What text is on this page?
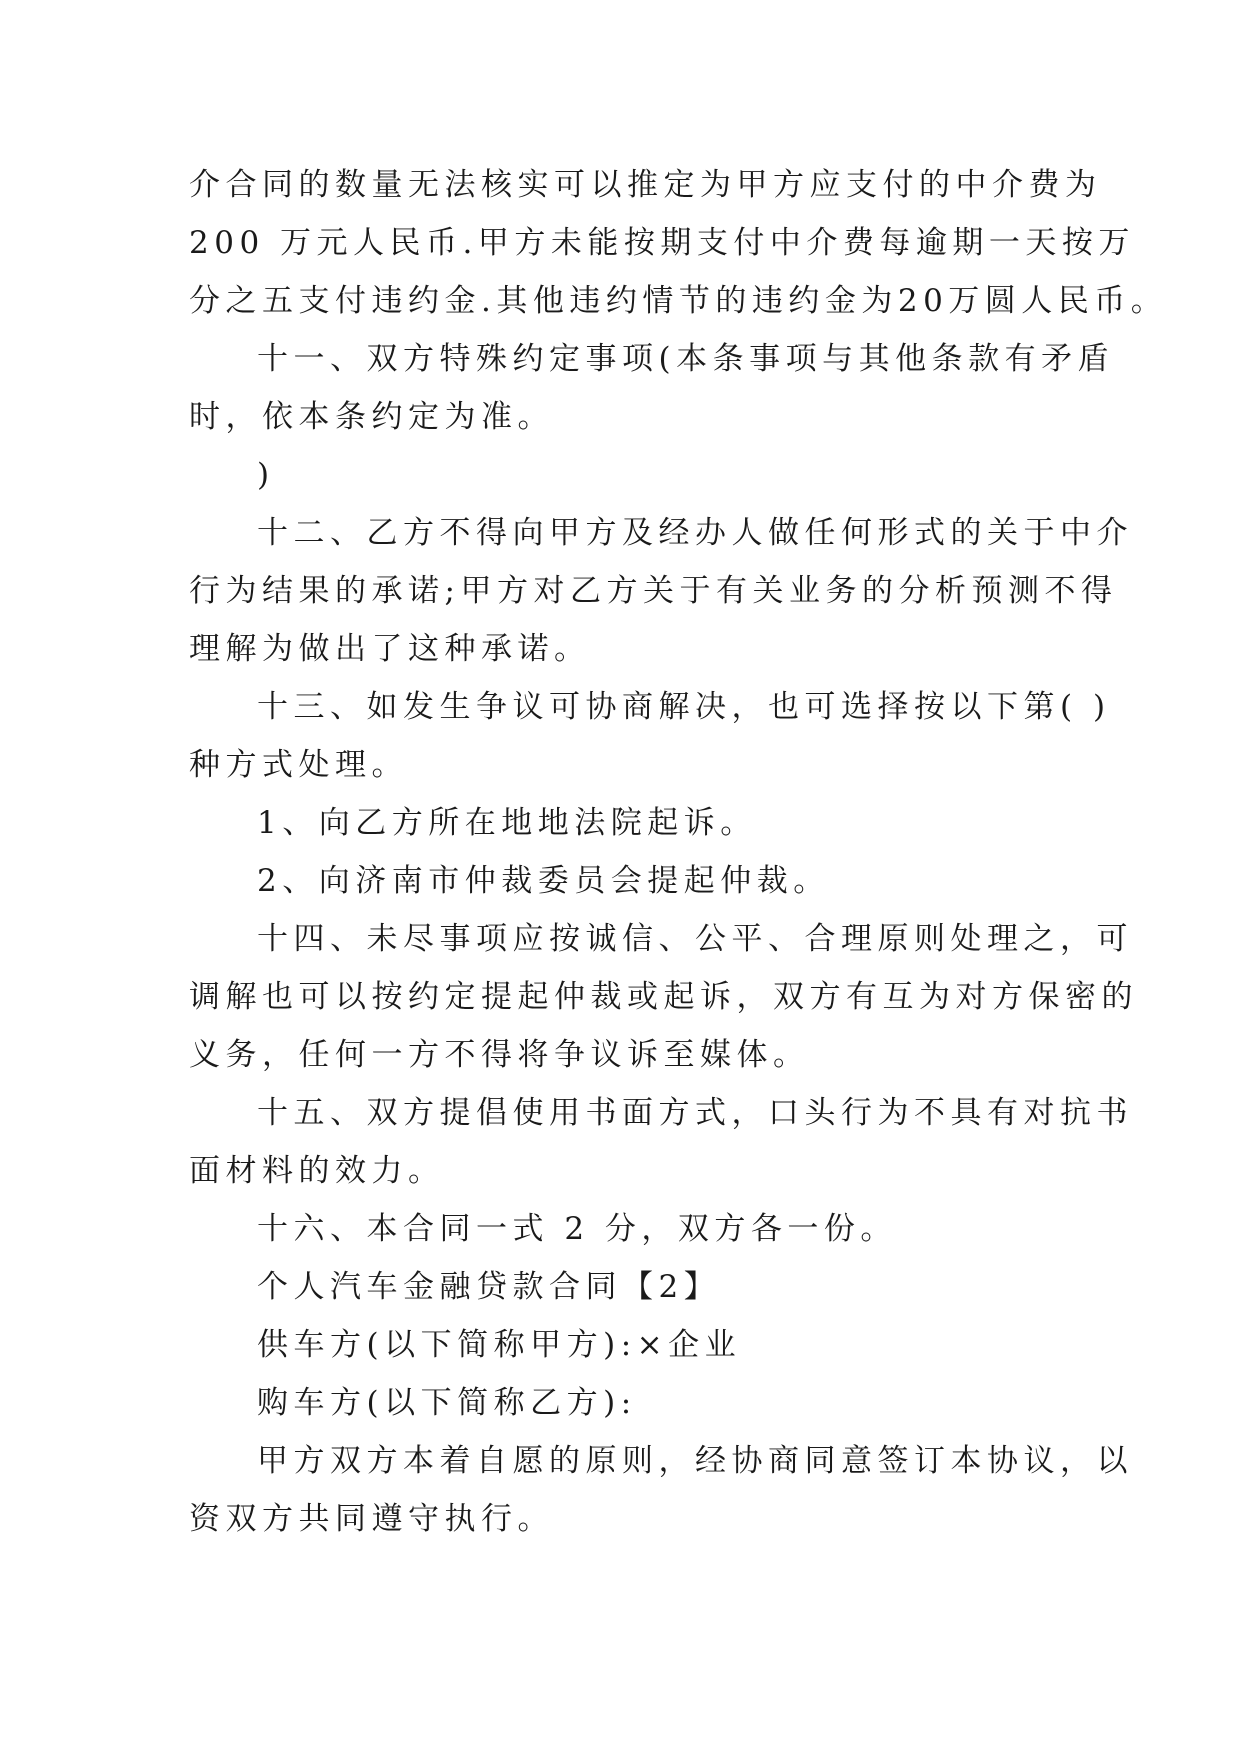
介合同的数量无法核实可以推定为甲方应支付的中介费为
200 万元人民币.甲方未能按期支付中介费每逾期一天按万
分之五支付违约金.其他违约情节的违约金为20万圆人民币。
十一、双方特殊约定事项(本条事项与其他条款有矛盾
时，依本条约定为准。
)
十二、乙方不得向甲方及经办人做任何形式的关于中介
行为结果的承诺;甲方对乙方关于有关业务的分析预测不得
理解为做出了这种承诺。
十三、如发生争议可协商解决，也可选择按以下第( )
种方式处理。
1、向乙方所在地地法院起诉。
2、向济南市仲裁委员会提起仲裁。
十四、未尽事项应按诚信、公平、合理原则处理之，可
调解也可以按约定提起仲裁或起诉，双方有互为对方保密的
义务，任何一方不得将争议诉至媒体。
十五、双方提倡使用书面方式，口头行为不具有对抗书
面材料的效力。
十六、本合同一式 2 分，双方各一份。
个人汽车金融贷款合同【2】
供车方(以下简称甲方):×企业
购车方(以下简称乙方):
甲方双方本着自愿的原则，经协商同意签订本协议，以
资双方共同遵守执行。
